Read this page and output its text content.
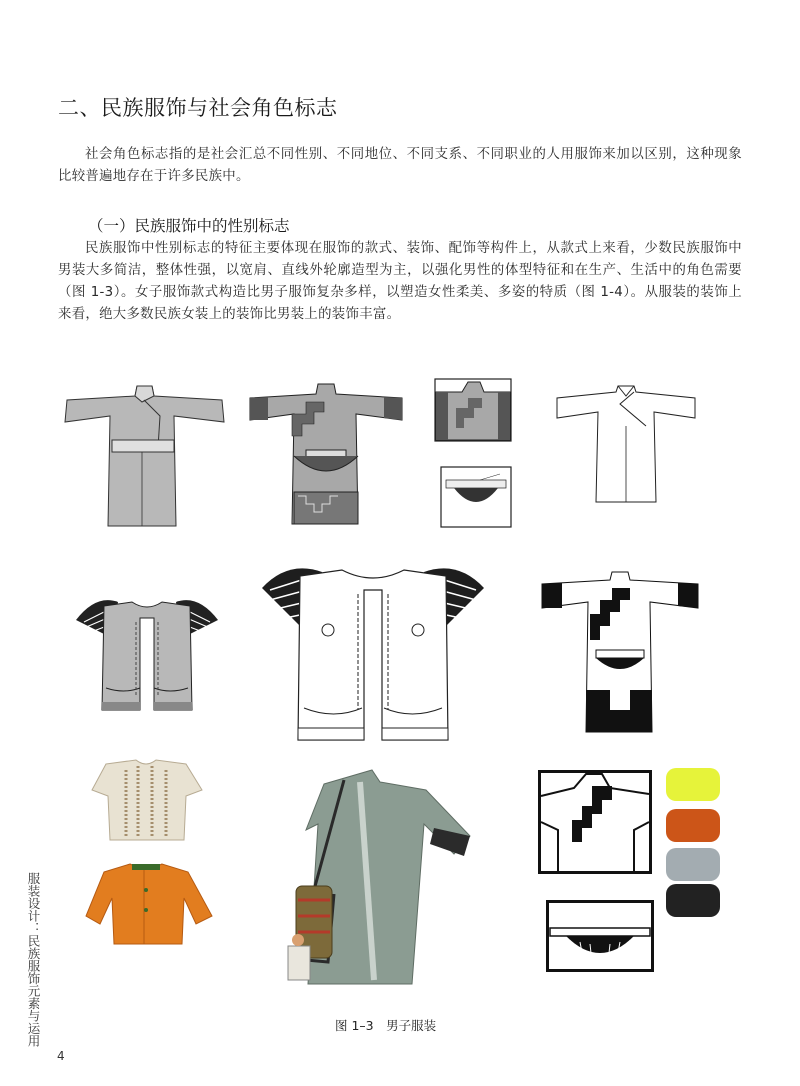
二、民族服饰与社会角色标志
社会角色标志指的是社会汇总不同性别、不同地位、不同支系、不同职业的人用服饰来加以区别，这种现象比较普遍地存在于许多民族中。
（一）民族服饰中的性别标志
民族服饰中性别标志的特征主要体现在服饰的款式、装饰、配饰等构件上，从款式上来看，少数民族服饰中男装大多简洁，整体性强，以宽肩、直线外轮廓造型为主，以强化男性的体型特征和在生产、生活中的角色需要（图 1-3）。女子服饰款式构造比男子服饰复杂多样，以塑造女性柔美、多姿的特质（图 1-4）。从服装的装饰上来看，绝大多数民族女装上的装饰比男装上的装饰丰富。
图 1–3　男子服装
4
服装设计：民族服饰元素与运用
